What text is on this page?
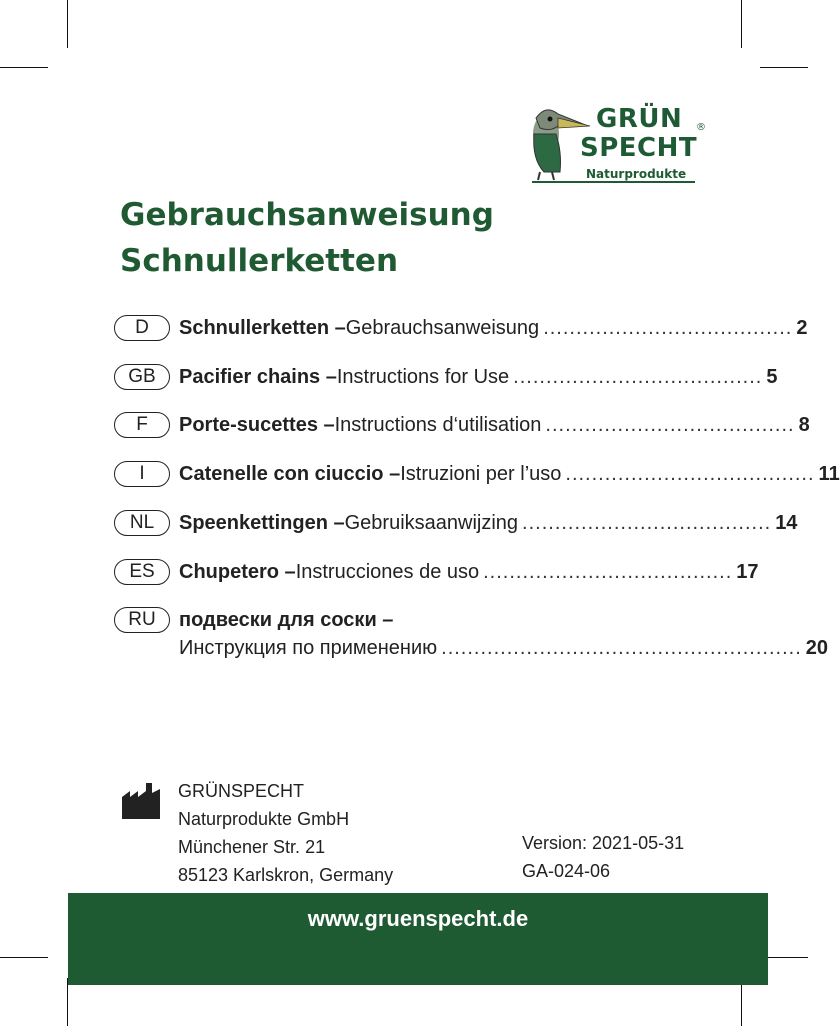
GRÜN ®
SPECHT
Naturprodukte
Gebrauchsanweisung
Schnullerketten
D	Schnullerketten – Gebrauchsanweisung ...................................... 2
GB	Pacifier chains – Instructions for Use ...................................... 5
F	Porte-sucettes – Instructions d‘utilisation ...................................... 8
I	Catenelle con ciuccio – Istruzioni per l’uso ...................................... 11
NL	Speenkettingen – Gebruiksaanwijzing ...................................... 14
ES	Chupetero – Instrucciones de uso ...................................... 17
RU	подвески для соски –
Инструкция по применению ....................................................... 20
GRÜNSPECHT
Naturprodukte GmbH
Münchener Str. 21
85123 Karlskron, Germany
Version: 2021-05-31
GA-024-06
www.gruenspecht.de
